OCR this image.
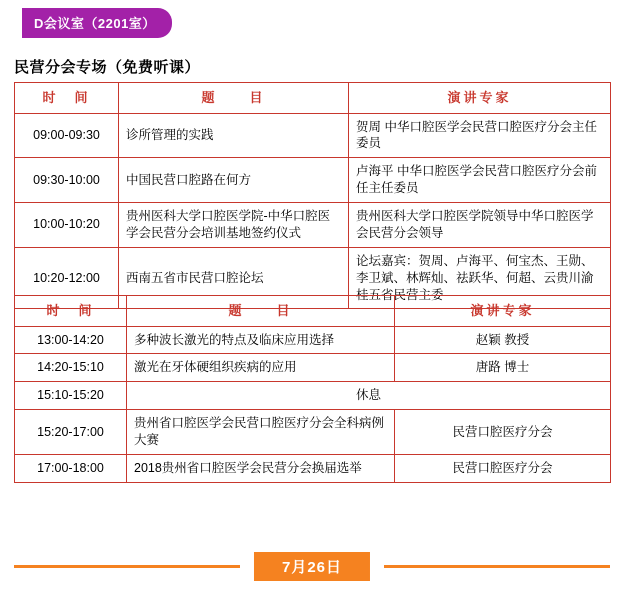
D会议室（2201室）
民营分会专场（免费听课）
时　间	题　　目	演讲专家
09:00-09:30	诊所管理的实践	贺周 中华口腔医学会民营口腔医疗分会主任委员
09:30-10:00	中国民营口腔路在何方	卢海平 中华口腔医学会民营口腔医疗分会前任主任委员
10:00-10:20	贵州医科大学口腔医学院-中华口腔医学会民营分会培训基地签约仪式	贵州医科大学口腔医学院领导中华口腔医学会民营分会领导
10:20-12:00	西南五省市民营口腔论坛	论坛嘉宾：贺周、卢海平、何宝杰、王勋、李卫斌、林辉灿、祛跃华、何超、云贵川渝桂五省民营主委
时　间	题　　目	演讲专家
13:00-14:20	多种波长激光的特点及临床应用选择	赵颖 教授
14:20-15:10	激光在牙体硬组织疾病的应用	唐路 博士
15:10-15:20	休息	
15:20-17:00	贵州省口腔医学会民营口腔医疗分会全科病例大赛	民营口腔医疗分会
17:00-18:00	2018贵州省口腔医学会民营分会换届选举	民营口腔医疗分会
7月26日
